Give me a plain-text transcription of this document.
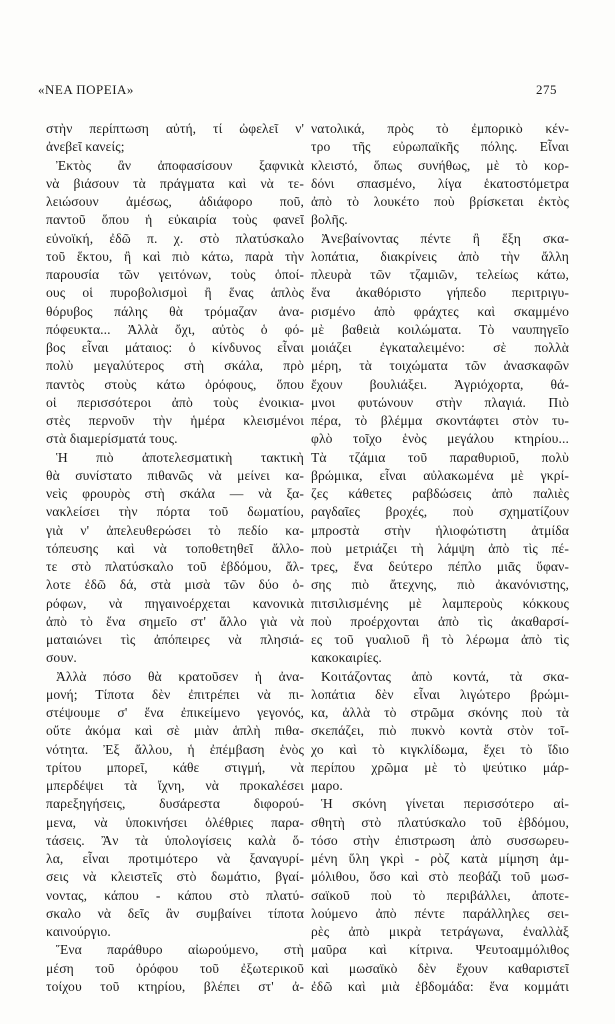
«ΝΕΑ ΠΟΡΕΙΑ»	275
στὴν περίπτωση αὐτή, τί ὠφελεῖ ν'
ἀνεβεῖ κανείς;
Ἐκτὸς ἂν ἀποφασίσουν ξαφνικὰ
νὰ βιάσουν τὰ πράγματα καὶ νὰ τε-
λειώσουν ἀμέσως, ἀδιάφορο ποῦ,
παντοῦ ὅπου ἡ εὐκαιρία τοὺς φανεῖ
εὐνοϊκή, ἐδῶ π. χ. στὸ πλατύσκαλο
τοῦ ἕκτου, ἢ καὶ πιὸ κάτω, παρὰ τὴν
παρουσία τῶν γειτόνων, τοὺς ὁποί-
ους οἱ πυροβολισμοὶ ἢ ἕνας ἁπλὸς
θόρυβος πάλης θὰ τρόμαζαν ἀνα-
πόφευκτα... Ἀλλὰ ὄχι, αὐτὸς ὁ φό-
βος εἶναι μάταιος: ὁ κίνδυνος εἶναι
πολὺ μεγαλύτερος στὴ σκάλα, πρὸ
παντὸς στοὺς κάτω ὀρόφους, ὅπου
οἱ περισσότεροι ἀπὸ τοὺς ἐνοικια-
στὲς περνοῦν τὴν ἡμέρα κλεισμένοι
στὰ διαμερίσματά τους.
Ἡ πιὸ ἀποτελεσματικὴ τακτικὴ
θὰ συνίστατο πιθανῶς νὰ μείνει κα-
νεὶς φρουρὸς στὴ σκάλα — νὰ ξα-
νακλείσει τὴν πόρτα τοῦ δωματίου,
γιὰ ν' ἀπελευθερώσει τὸ πεδίο κα-
τόπευσης καὶ νὰ τοποθετηθεῖ ἄλλο-
τε στὸ πλατύσκαλο τοῦ ἑβδόμου, ἄλ-
λοτε ἐδῶ δά, στὰ μισὰ τῶν δύο ὀ-
ρόφων, νὰ πηγαινοέρχεται κανονικὰ
ἀπὸ τὸ ἕνα σημεῖο στ' ἄλλο γιὰ νὰ
ματαιώνει τὶς ἀπόπειρες νὰ πλησιά-
σουν.
Ἀλλὰ πόσο θὰ κρατοῦσεν ἡ ἀνα-
μονή; Τίποτα δὲν ἐπιτρέπει νὰ πι-
στέψουμε σ' ἕνα ἐπικείμενο γεγονός,
οὔτε ἀκόμα καὶ σὲ μιὰν ἁπλὴ πιθα-
νότητα. Ἐξ ἄλλου, ἡ ἐπέμβαση ἑνὸς
τρίτου μπορεῖ, κάθε στιγμή, νὰ
μπερδέψει τὰ ἴχνη, νὰ προκαλέσει
παρεξηγήσεις, δυσάρεστα διφορού-
μενα, νὰ ὑποκινήσει ὀλέθριες παρα-
τάσεις. Ἂν τὰ ὑπολογίσεις καλὰ ὅ-
λα, εἶναι προτιμότερο νὰ ξαναγυρί-
σεις νὰ κλειστεῖς στὸ δωμάτιο, βγαί-
νοντας, κάπου - κάπου στὸ πλατύ-
σκαλο νὰ δεῖς ἂν συμβαίνει τίποτα
καινούργιο.
Ἕνα παράθυρο αἰωρούμενο, στὴ
μέση τοῦ ὀρόφου τοῦ ἐξωτερικοῦ
τοίχου τοῦ κτηρίου, βλέπει στ' ἀ-
νατολικά, πρὸς τὸ ἐμπορικὸ κέν-
τρο τῆς εὐρωπαϊκῆς πόλης. Εἶναι
κλειστό, ὅπως συνήθως, μὲ τὸ κορ-
δόνι σπασμένο, λίγα ἑκατοστόμετρα
ἀπὸ τὸ λουκέτο ποὺ βρίσκεται ἐκτὸς
βολῆς.
Ἀνεβαίνοντας πέντε ἢ ἕξη σκα-
λοπάτια, διακρίνεις ἀπὸ τὴν ἄλλη
πλευρὰ τῶν τζαμιῶν, τελείως κάτω,
ἕνα ἀκαθόριστο γήπεδο περιτριγυ-
ρισμένο ἀπὸ φράχτες καὶ σκαμμένο
μὲ βαθειὰ κοιλώματα. Τὸ ναυπηγεῖο
μοιάζει ἐγκαταλειμένο: σὲ πολλὰ
μέρη, τὰ τοιχώματα τῶν ἀνασκαφῶν
ἔχουν βουλιάξει. Ἀγριόχορτα, θά-
μνοι φυτώνουν στὴν πλαγιά. Πιὸ
πέρα, τὸ βλέμμα σκοντάφτει στὸν τυ-
φλὸ τοῖχο ἑνὸς μεγάλου κτηρίου...
Τὰ τζάμια τοῦ παραθυριοῦ, πολὺ
βρώμικα, εἶναι αὐλακωμένα μὲ γκρί-
ζες κάθετες ραβδώσεις ἀπὸ παλιὲς
ραγδαῖες βροχές, ποὺ σχηματίζουν
μπροστὰ στὴν ἡλιοφώτιστη ἀτμίδα
ποὺ μετριάζει τὴ λάμψη ἀπὸ τὶς πέ-
τρες, ἕνα δεύτερο πέπλο μιᾶς ὕφαν-
σης πιὸ ἄτεχνης, πιὸ ἀκανόνιστης,
πιτσιλισμένης μὲ λαμπεροὺς κόκκους
ποὺ προέρχονται ἀπὸ τὶς ἀκαθαρσί-
ες τοῦ γυαλιοῦ ἢ τὸ λέρωμα ἀπὸ τὶς
κακοκαιρίες.
Κοιτάζοντας ἀπὸ κοντά, τὰ σκα-
λοπάτια δὲν εἶναι λιγώτερο βρώμι-
κα, ἀλλὰ τὸ στρῶμα σκόνης ποὺ τὰ
σκεπάζει, πιὸ πυκνὸ κοντὰ στὸν τοῖ-
χο καὶ τὸ κιγκλίδωμα, ἔχει τὸ ἴδιο
περίπου χρῶμα μὲ τὸ ψεύτικο μάρ-
μαρο.
Ἡ σκόνη γίνεται περισσότερο αἰ-
σθητὴ στὸ πλατύσκαλο τοῦ ἑβδόμου,
τόσο στὴν ἐπιστρωση ἀπὸ συσσωρευ-
μένη ὕλη γκρὶ - ρὸζ κατὰ μίμηση ἀμ-
μόλιθου, ὅσο καὶ στὸ πεοβάζι τοῦ μωσ-
σαϊκοῦ ποὺ τὸ περιβάλλει, ἀποτε-
λούμενο ἀπὸ πέντε παράλληλες σει-
ρὲς ἀπὸ μικρὰ τετράγωνα, ἐναλλὰξ
μαῦρα καὶ κίτρινα. Ψευτοαμμόλιθος
καὶ μωσαϊκὸ δὲν ἔχουν καθαριστεῖ
ἐδῶ καὶ μιὰ ἑβδομάδα: ἕνα κομμάτι
